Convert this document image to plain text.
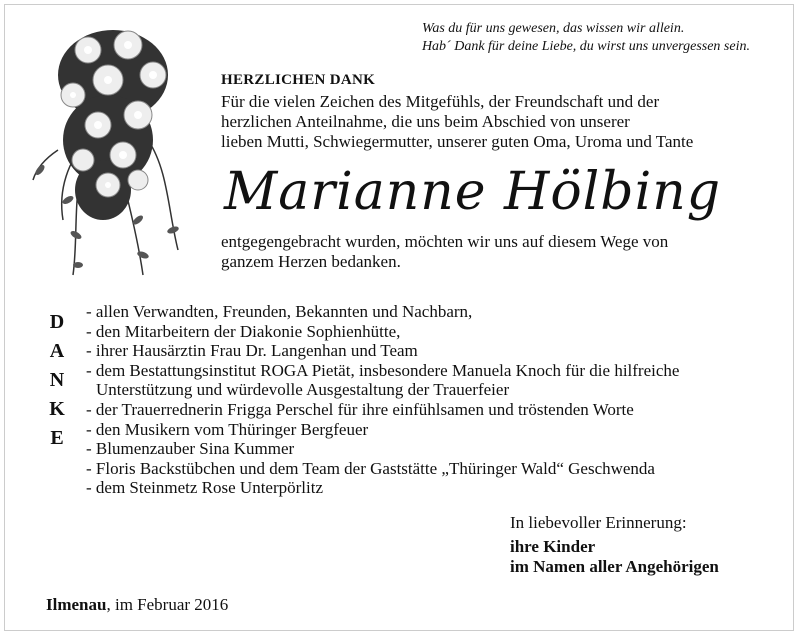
Was du für uns gewesen, das wissen wir allein.
Hab´ Dank für deine Liebe, du wirst uns unvergessen sein.
HERZLICHEN DANK
Für die vielen Zeichen des Mitgefühls, der Freundschaft und der
herzlichen Anteilnahme, die uns beim Abschied von unserer
lieben Mutti, Schwiegermutter, unserer guten Oma, Uroma und Tante
Marianne Hölbing
entgegengebracht wurden, möchten wir uns auf diesem Wege von
ganzem Herzen bedanken.
D
A
N
K
E
- allen Verwandten, Freunden, Bekannten und Nachbarn,
- den Mitarbeitern der Diakonie Sophienhütte,
- ihrer Hausärztin Frau Dr. Langenhan und Team
- dem Bestattungsinstitut ROGA Pietät, insbesondere Manuela Knoch für die hilfreiche
Unterstützung und würdevolle Ausgestaltung der Trauerfeier
- der Trauerrednerin Frigga Perschel für ihre einfühlsamen und tröstenden Worte
- den Musikern vom Thüringer Bergfeuer
- Blumenzauber Sina Kummer
- Floris Backstübchen und dem Team der Gaststätte „Thüringer Wald“ Geschwenda
- dem Steinmetz Rose Unterpörlitz
In liebevoller Erinnerung:
ihre Kinder
im Namen aller Angehörigen
Ilmenau, im Februar 2016
